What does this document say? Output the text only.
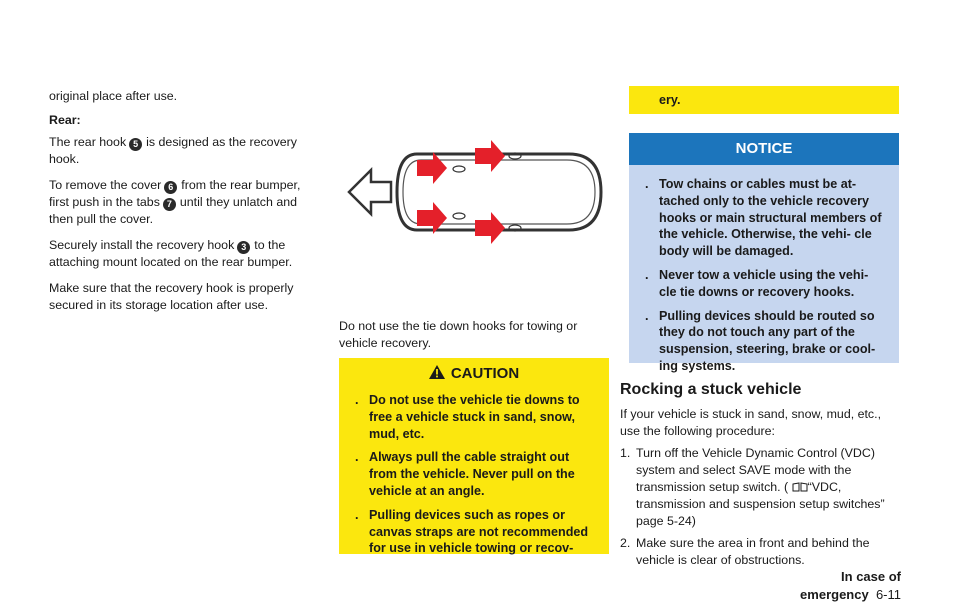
original place after use.

Rear:

The rear hook 5 is designed as the recovery hook.

To remove the cover 6 from the rear bumper, first push in the tabs 7 until they unlatch and then pull the cover.

Securely install the recovery hook 3 to the attaching mount located on the rear bumper.

Make sure that the recovery hook is properly secured in its storage location after use.

Do not use the tie down hooks for towing or vehicle recovery.

CAUTION
. Do not use the vehicle tie downs to free a vehicle stuck in sand, snow, mud, etc.
. Always pull the cable straight out from the vehicle. Never pull on the vehicle at an angle.
. Pulling devices such as ropes or canvas straps are not recommended for use in vehicle towing or recov-
ery.
NOTICE
. Tow chains or cables must be at- tached only to the vehicle recovery hooks or main structural members of the vehicle. Otherwise, the vehi- cle body will be damaged.
. Never tow a vehicle using the vehi- cle tie downs or recovery hooks.
. Pulling devices should be routed so they do not touch any part of the suspension, steering, brake or cool- ing systems.

Rocking a stuck vehicle

If your vehicle is stuck in sand, snow, mud, etc., use the following procedure:

1. Turn off the Vehicle Dynamic Control (VDC) system and select SAVE mode with the transmission setup switch. ( “VDC, transmission and suspension setup switches” page 5-24)
2. Make sure the area in front and behind the vehicle is clear of obstructions.
In case of emergency 6-11
